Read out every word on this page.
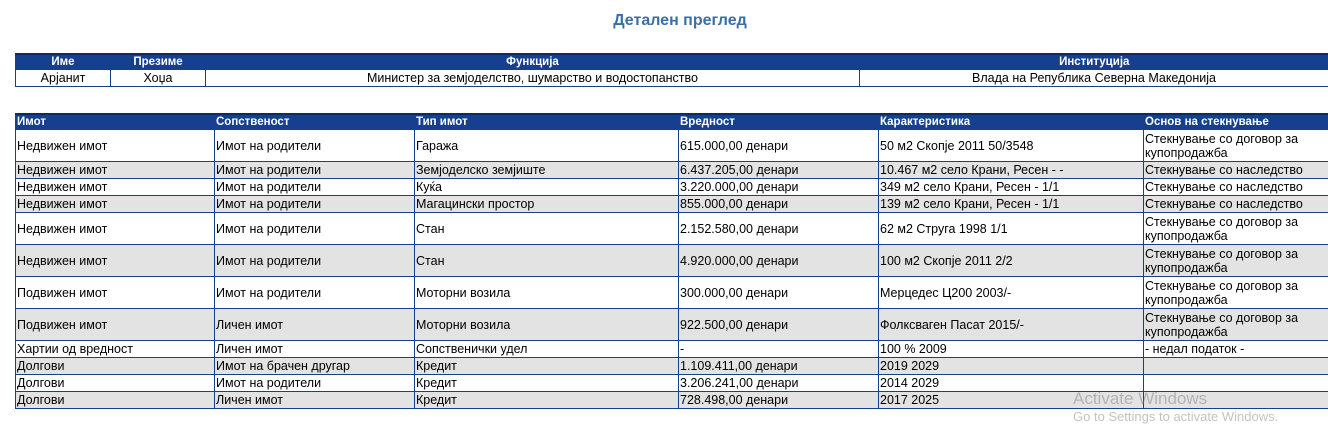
Детален преглед
Име	Презиме	Функција	Институција
Арјанит	Хоџа	Министер за земјоделство, шумарство и водостопанство	Влада на Република Северна Македонија
Имот	Сопственост	Тип имот	Вредност	Карактеристика	Основ на стекнување
Недвижен имот	Имот на родители	Гаража	615.000,00 денари	50 м2 Скопје 2011 50/3548	Стекнување со договор за купопродажба
Недвижен имот	Имот на родители	Земјоделско земјиште	6.437.205,00 денари	10.467 м2 село Крани, Ресен - -	Стекнување со наследство
Недвижен имот	Имот на родители	Куќа	3.220.000,00 денари	349 м2 село Крани, Ресен - 1/1	Стекнување со наследство
Недвижен имот	Имот на родители	Магацински простор	855.000,00 денари	139 м2 село Крани, Ресен - 1/1	Стекнување со наследство
Недвижен имот	Имот на родители	Стан	2.152.580,00 денари	62 м2 Струга 1998 1/1	Стекнување со договор за купопродажба
Недвижен имот	Имот на родители	Стан	4.920.000,00 денари	100 м2 Скопје 2011 2/2	Стекнување со договор за купопродажба
Подвижен имот	Имот на родители	Моторни возила	300.000,00 денари	Мерцедес Ц200 2003/-	Стекнување со договор за купопродажба
Подвижен имот	Личен имот	Моторни возила	922.500,00 денари	Фолксваген Пасат 2015/-	Стекнување со договор за купопродажба
Хартии од вредност	Личен имот	Сопственички удел	-	100 % 2009	- недал податок -
Долгови	Имот на брачен другар	Кредит	1.109.411,00 денари	2019 2029	
Долгови	Имот на родители	Кредит	3.206.241,00 денари	2014 2029	
Долгови	Личен имот	Кредит	728.498,00 денари	2017 2025		Activate Windows
Go to Settings to activate Windows.
